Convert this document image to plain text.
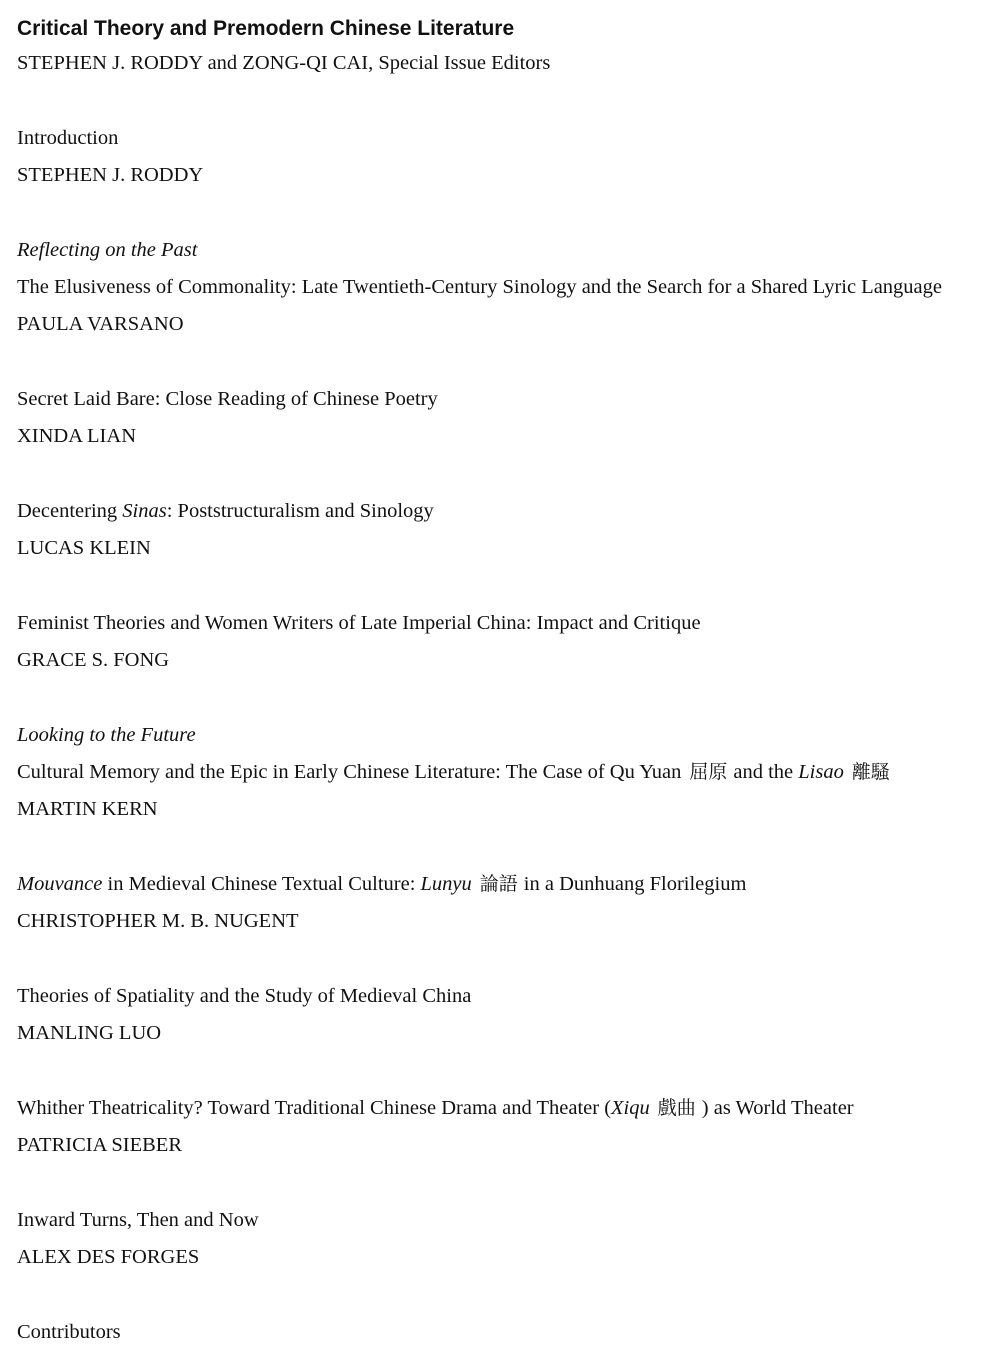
Critical Theory and Premodern Chinese Literature

STEPHEN J. RODDY and ZONG-QI CAI, Special Issue Editors

Introduction

STEPHEN J. RODDY

Reflecting on the Past

The Elusiveness of Commonality: Late Twentieth-Century Sinology and the Search for a Shared Lyric Language

PAULA VARSANO

Secret Laid Bare: Close Reading of Chinese Poetry

XINDA LIAN

Decentering Sinas: Poststructuralism and Sinology

LUCAS KLEIN

Feminist Theories and Women Writers of Late Imperial China: Impact and Critique

GRACE S. FONG

Looking to the Future

Cultural Memory and the Epic in Early Chinese Literature: The Case of Qu Yuan 屈原 and the Lisao 離騷

MARTIN KERN

Mouvance in Medieval Chinese Textual Culture: Lunyu 論語 in a Dunhuang Florilegium

CHRISTOPHER M. B. NUGENT

Theories of Spatiality and the Study of Medieval China

MANLING LUO

Whither Theatricality? Toward Traditional Chinese Drama and Theater (Xiqu 戲曲 ) as World Theater

PATRICIA SIEBER

Inward Turns, Then and Now

ALEX DES FORGES

Contributors
